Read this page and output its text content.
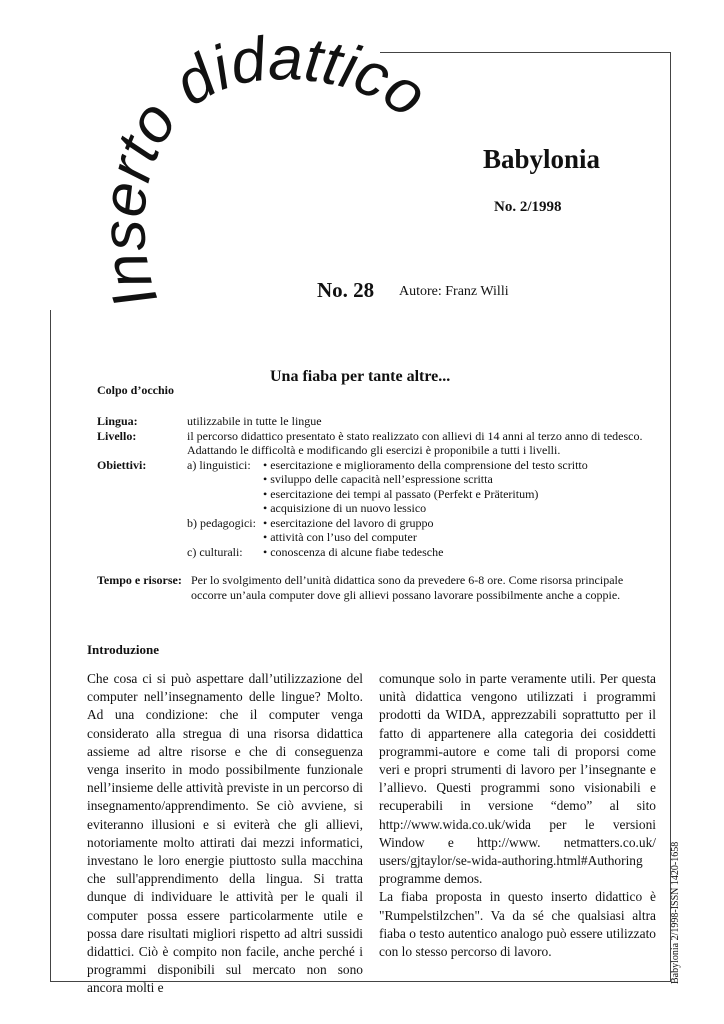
Inserto didattico
Babylonia
No. 2/1998
No. 28 Autore: Franz Willi
Una fiaba per tante altre...
Colpo d’occhio
Lingua:	utilizzabile in tutte le lingue	
Livello:	il percorso didattico presentato è stato realizzato con allievi di 14 anni al terzo anno di tedesco.
Adattando le difficoltà e modificando gli esercizi è proponibile a tutti i livelli.	

Obiettivi:	a) linguistici:	• esercitazione e miglioramento della comprensione del testo scritto
• sviluppo delle capacità nell’espressione scritta
• esercitazione dei tempi al passato (Perfekt e Präteritum)
• acquisizione di un nuovo lessico

	b) pedagogici:	• esercitazione del lavoro di gruppo
• attività con l’uso del computer

	c) culturali:	• conoscenza di alcune fiabe tedesche

Tempo e risorse:	Per lo svolgimento dell’unità didattica sono da prevedere 6-8 ore. Come risorsa principale
occorre un’aula computer dove gli allievi possano lavorare possibilmente anche a coppie.	
Introduzione

Che cosa ci si può aspettare dall’utilizzazione del computer nell’insegnamento delle lingue? Molto. Ad una condizione: che il computer venga considerato alla stregua di una risorsa didattica assieme ad altre risorse e che di conseguenza venga inserito in modo possibilmente funzionale nell’insieme delle attività previste in un percorso di insegnamento/apprendimento. Se ciò avviene, si eviteranno illusioni e si eviterà che gli allievi, notoriamente molto attirati dai mezzi informatici, investano le loro energie piuttosto sulla macchina che sull'apprendimento della lingua. Si tratta dunque di individuare le attività per le quali il computer possa essere particolarmente utile e possa dare risultati migliori rispetto ad altri sussidi didattici. Ciò è compito non facile, anche perché i programmi disponibili sul mercato non sono ancora molti e

comunque solo in parte veramente utili. Per questa unità didattica vengono utilizzati i programmi prodotti da WIDA, apprezzabili soprattutto per il fatto di appartenere alla categoria dei cosiddetti programmi-autore e come tali di proporsi come veri e propri strumenti di lavoro per l’insegnante e l’allievo. Questi programmi sono visionabili e recuperabili in versione “demo” al sito http://www.wida.co.uk/wida per le versioni Window e http://www. netmatters.co.uk/ users/gjtaylor/se-wida-authoring.html#Authoring programme demos.

La fiaba proposta in questo inserto didattico è "Rumpelstilzchen". Va da sé che qualsiasi altra fiaba o testo autentico analogo può essere utilizzato con lo stesso percorso di lavoro.	Babylonia 2/1998-ISSN 1420-1658
